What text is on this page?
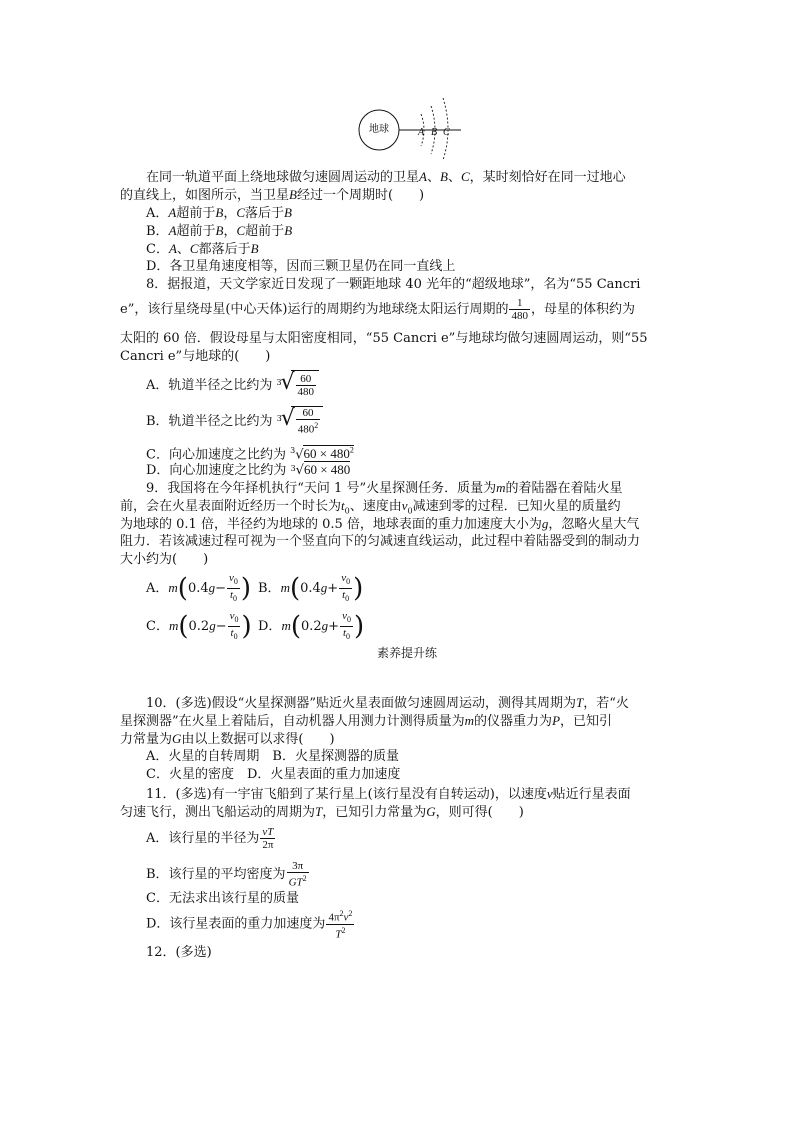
地球	A B C
在同一轨道平面上绕地球做匀速圆周运动的卫星A、B、C，某时刻恰好在同一过地心
的直线上，如图所示，当卫星B经过一个周期时(　　)
A．A超前于B，C落后于B
B．A超前于B，C超前于B
C．A、C都落后于B
D．各卫星角速度相等，因而三颗卫星仍在同一直线上
8．据报道，天文学家近日发现了一颗距地球 40 光年的“超级地球”，名为“55 Cancri
e”，该行星绕母星(中心天体)运行的周期约为地球绕太阳运行周期的 $\frac{1}{480}$ ，母星的体积约为
太阳的 60 倍．假设母星与太阳密度相同，“55 Cancri e”与地球均做匀速圆周运动，则“55
Cancri e”与地球的(　　)
A．轨道半径之比约为 3
√ $\frac{60}{480}$
B．轨道半径之比约为 3
√ $\frac{60}{480^2}$
C．向心加速度之比约为 $^3√60 \times 480^2$
D．向心加速度之比约为 $^3$√60 × 480
9．我国将在今年择机执行“天问 1 号”火星探测任务．质量为m的着陆器在着陆火星
前，会在火星表面附近经历一个时长为$t_0$、速度由$v_0$减速到零的过程．已知火星的质量约
为地球的 0.1 倍，半径约为地球的 0.5 倍，地球表面的重力加速度大小为g，忽略火星大气
阻力．若该减速过程可视为一个竖直向下的匀减速直线运动，此过程中着陆器受到的制动力
大小约为(　　)
A．$m(0.4g- \frac{v_0}{t_0}$ ) B．$m(0.4g+ \frac{v_0}{t_0}$ )
C．$m(0.2g- \frac{v_0}{t_0}$ ) D．$m(0.2g+ \frac{v_0}{t_0}$ )
素养提升练
10．(多选)假设“火星探测器”贴近火星表面做匀速圆周运动，测得其周期为T，若“火
星探测器”在火星上着陆后，自动机器人用测力计测得质量为m的仪器重力为P，已知引
力常量为G由以上数据可以求得(　　)
A．火星的自转周期　B．火星探测器的质量
C．火星的密度　D．火星表面的重力加速度
11．(多选)有一宇宙飞船到了某行星上(该行星没有自转运动)，以速度v贴近行星表面
匀速飞行，测出飞船运动的周期为T，已知引力常量为G，则可得(　　)
A．该行星的半径为 $\frac{vT}{2\pi}$
B．该行星的平均密度为 $\frac{3\pi}{GT^2}$
C．无法求出该行星的质量
D．该行星表面的重力加速度为 $\frac{4\pi^2v^2}{T^2}$
12．(多选)
